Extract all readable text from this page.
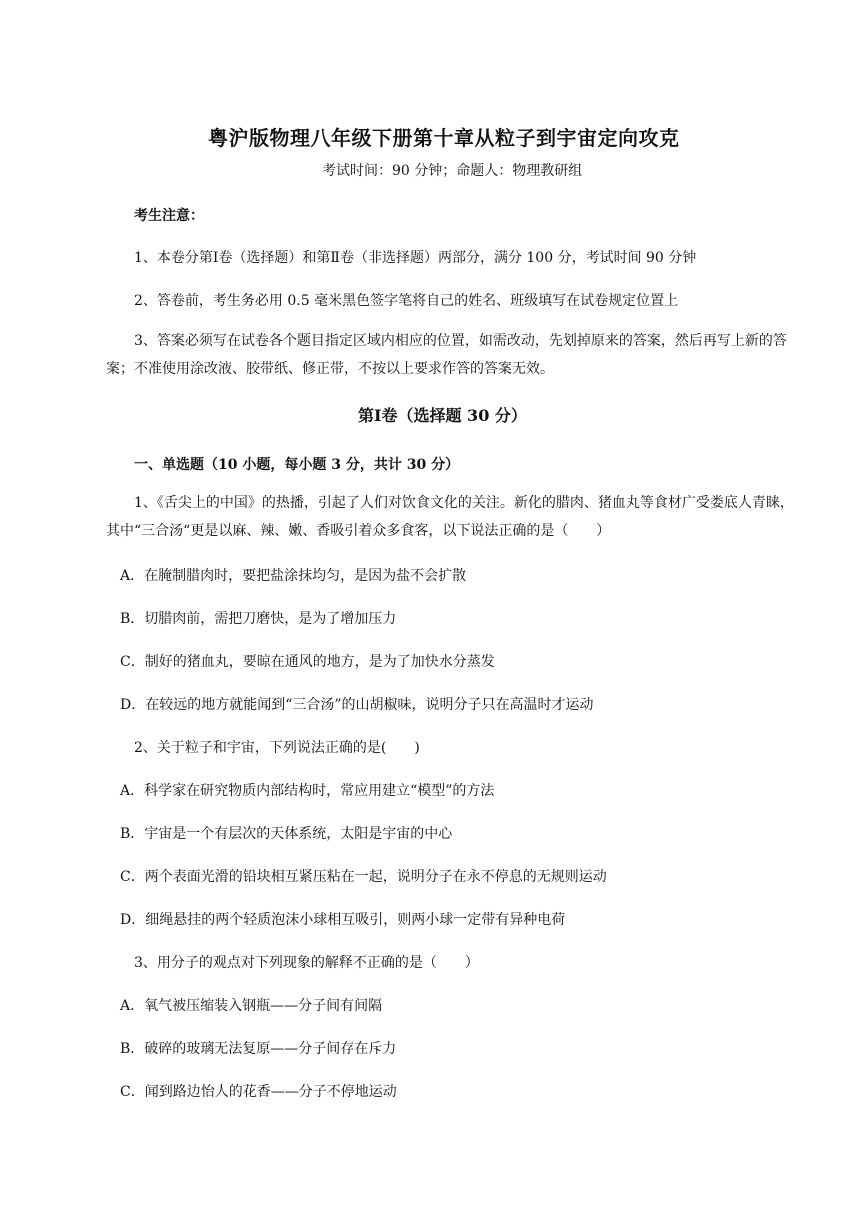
粤沪版物理八年级下册第十章从粒子到宇宙定向攻克
考试时间：90 分钟；命题人：物理教研组
考生注意：
1、本卷分第Ⅰ卷（选择题）和第Ⅱ卷（非选择题）两部分，满分 100 分，考试时间 90 分钟
2、答卷前，考生务必用 0.5 毫米黑色签字笔将自己的姓名、班级填写在试卷规定位置上
3、答案必须写在试卷各个题目指定区域内相应的位置，如需改动，先划掉原来的答案，然后再写上新的答案；不准使用涂改液、胶带纸、修正带，不按以上要求作答的答案无效。
第Ⅰ卷（选择题 30 分）
一、单选题（10 小题，每小题 3 分，共计 30 分）
1、《舌尖上的中国》的热播，引起了人们对饮食文化的关注。新化的腊肉、猪血丸等食材广受娄底人青睐，其中“三合汤“更是以麻、辣、嫩、香吸引着众多食客，以下说法正确的是（　　）
A．在腌制腊肉时，要把盐涂抹均匀，是因为盐不会扩散
B．切腊肉前，需把刀磨快，是为了增加压力
C．制好的猪血丸，要晾在通风的地方，是为了加快水分蒸发
D．在较远的地方就能闻到“三合汤”的山胡椒味，说明分子只在高温时才运动
2、关于粒子和宇宙，下列说法正确的是(　　)
A．科学家在研究物质内部结构时，常应用建立“模型”的方法
B．宇宙是一个有层次的天体系统，太阳是宇宙的中心
C．两个表面光滑的铅块相互紧压粘在一起，说明分子在永不停息的无规则运动
D．细绳悬挂的两个轻质泡沫小球相互吸引，则两小球一定带有异种电荷
3、用分子的观点对下列现象的解释不正确的是（　　）
A．氧气被压缩装入钢瓶——分子间有间隔
B．破碎的玻璃无法复原——分子间存在斥力
C．闻到路边怡人的花香——分子不停地运动
